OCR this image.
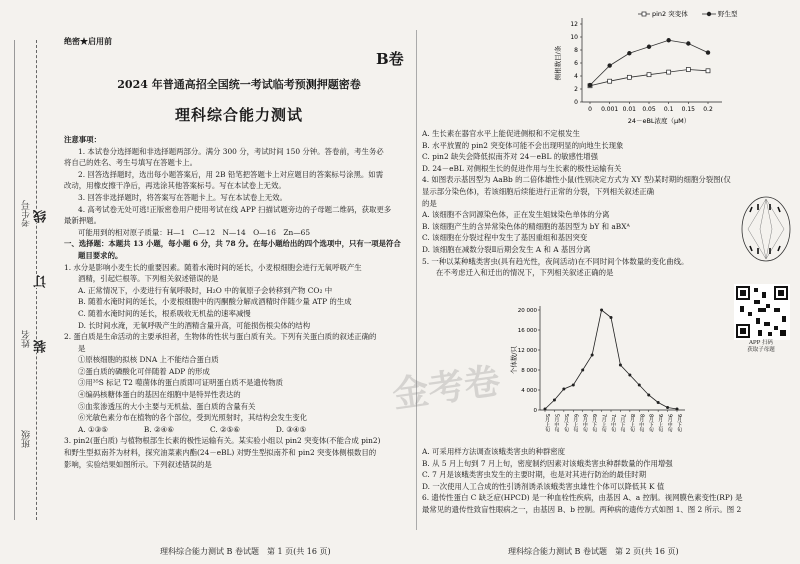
考生号
姓名
班级
线
订
装
绝密★启用前
B卷
2024 年普通高招全国统一考试临考预测押题密卷
理科综合能力测试

注意事项：

1. 本试卷分选择题和非选择题两部分。满分 300 分，考试时间 150 分钟。答卷前，考生务必

将自己的姓名、考生号填写在答题卡上。

2. 回答选择题时，选出每小题答案后，用 2B 铅笔把答题卡上对应题目的答案标号涂黑。如需

改动，用橡皮擦干净后，再选涂其他答案标号。写在本试卷上无效。

3. 回答非选择题时，将答案写在答题卡上。写在本试卷上无效。

4. 高考试卷无处可逃!正版密卷用户使用考试在线 APP 扫描试题旁边的子母题二维码，获取更多

最新押题。

可能用到的相对原子质量：H—1　C—12　N—14　O—16　Zn—65

一、选择题：本题共 13 小题，每小题 6 分，共 78 分。在每小题给出的四个选项中，只有一项是符合

题目要求的。

1. 水分是影响小麦生长的重要因素。随着水淹时间的延长，小麦根细胞会进行无氧呼吸产生

酒精，引起烂根等。下列相关叙述错误的是

A. 正常情况下，小麦进行有氧呼吸时，H₂O 中的氧原子会转移到产物 CO₂ 中

B. 随着水淹时间的延长，小麦根细胞中的丙酮酸分解成酒精时伴随少量 ATP 的生成

C. 随着水淹时间的延长，根系吸收无机盐的速率减慢

D. 长时间水淹，无氧呼吸产生的酒精含量升高，可能损伤根尖体的结构

2. 蛋白质是生命活动的主要承担者，生物体的性状与蛋白质有关。下列有关蛋白质的叙述正确的

是

①原核细胞的拟核 DNA 上不能结合蛋白质

②蛋白质的磷酸化可伴随着 ADP 的形成

③用³⁵S 标记 T2 噬菌体的蛋白质即可证明蛋白质不是遗传物质

④编码核糖体蛋白的基因在细胞中是特异性表达的

⑤血浆渗透压的大小主要与无机盐、蛋白质的含量有关

⑥光敏色素分布在植物的各个部位，受到光照射时，其结构会发生变化

A. ①③⑤	B. ②④⑥	C. ②⑤⑥	D. ③④⑤

3. pin2(蛋白质) 与植物根部生长素的极性运输有关。某实验小组以 pin2 突变体(不能合成 pin2)

和野生型拟南芥为材料，探究油菜素内酯(24－eBL) 对野生型拟南芥和 pin2 突变体侧根数目的

影响，实验结果如图所示。下列叙述错误的是

理科综合能力测试 B 卷试题　第 1 页(共 16 页)
0
2
4
6
8
10
12
0 0.001 0.01 0.05 0.1 0.15 0.2
24－eBL浓度（μM）
侧根数目/条
pin2 突变体	野生型

A. 生长素在器官水平上能促进侧根和不定根发生

B. 水平放置的 pin2 突变体可能不会出现明显的向地生长现象

C. pin2 缺失会降低拟南芥对 24－eBL 的敏感性增强

D. 24－eBL 对侧根生长的促进作用与生长素的极性运输有关

4. 如图表示基因型为 AaBb 的二倍体雄性小鼠(性别决定方式为 XY 型)某时期的细胞分裂图(仅

显示部分染色体)，若该细胞后续能进行正常的分裂，下列相关叙述正确

的是

A. 该细胞不含同源染色体，正在发生姐妹染色单体的分离

B. 该细胞产生的含异常染色体的精细胞的基因型为 bY 和 aBXᴬ

C. 该细胞在分裂过程中发生了基因重组和基因突变

D. 该细胞在减数分裂Ⅱ后期会发生 A 和 A 基因分离

5. 一种以某种蛾类害虫(具有趋光性，夜间活动)在不同时间个体数量的变化曲线。

在不考虑迁入和迁出的情况下，下列相关叙述正确的是

APP 扫码
获取子母题
0
4 000
8 000
12 000
16 000
20 000
5月上旬 5月中旬 5月下旬 6月上旬 6月中旬 6月下旬 7月上旬 7月中旬 7月下旬 8月上旬 8月中旬 8月下旬 9月上旬 9月中旬 9月下旬
个体数/只

A. 可采用样方法调查该蛾类害虫的种群密度

B. 从 5 月上旬到 7 月上旬，密度制约因素对该蛾类害虫种群数量的作用增强

C. 7 月是该蛾类害虫发生的主要时期，也是对其进行防治的最佳时期

D. 一次使用人工合成的性引诱剂诱杀该蛾类害虫雄性个体可以降低其 K 值

6. 遗传性蛋白 C 缺乏症(HPCD) 是一种血栓性疾病，由基因 A、a 控制。视网膜色素变性(RP) 是

最常见的遗传性致盲性眼病之一，由基因 B、b 控制。两种病的遗传方式如图 1、图 2 所示。图 2

理科综合能力测试 B 卷试题　第 2 页(共 16 页)
金考卷
